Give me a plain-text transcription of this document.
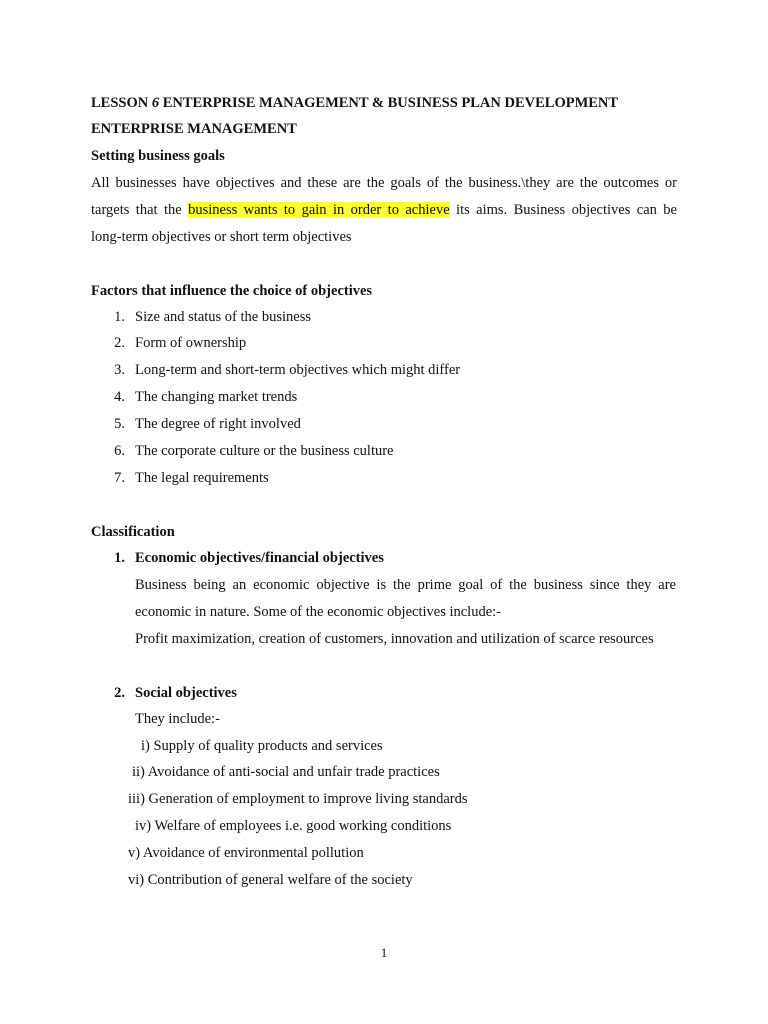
LESSON 6 ENTERPRISE MANAGEMENT & BUSINESS PLAN DEVELOPMENT
ENTERPRISE MANAGEMENT
Setting business goals
All businesses have objectives and these are the goals of the business.\they are the outcomes or
targets that the business wants to gain in order to achieve its aims. Business objectives can be
long-term objectives or short term objectives
Factors that influence the choice of objectives
1. Size and status of the business
2. Form of ownership
3. Long-term and short-term objectives which might differ
4. The changing market trends
5. The degree of right involved
6. The corporate culture or the business culture
7. The legal requirements
Classification
1. Economic objectives/financial objectives
Business being an economic objective is the prime goal of the business since they are
economic in nature. Some of the economic objectives include:-
Profit maximization, creation of customers, innovation and utilization of scarce resources
2. Social objectives
They include:-
i) Supply of quality products and services
ii) Avoidance of anti-social and unfair trade practices
iii) Generation of employment to improve living standards
iv) Welfare of employees i.e. good working conditions
v) Avoidance of environmental pollution
vi) Contribution of general welfare of the society
1
